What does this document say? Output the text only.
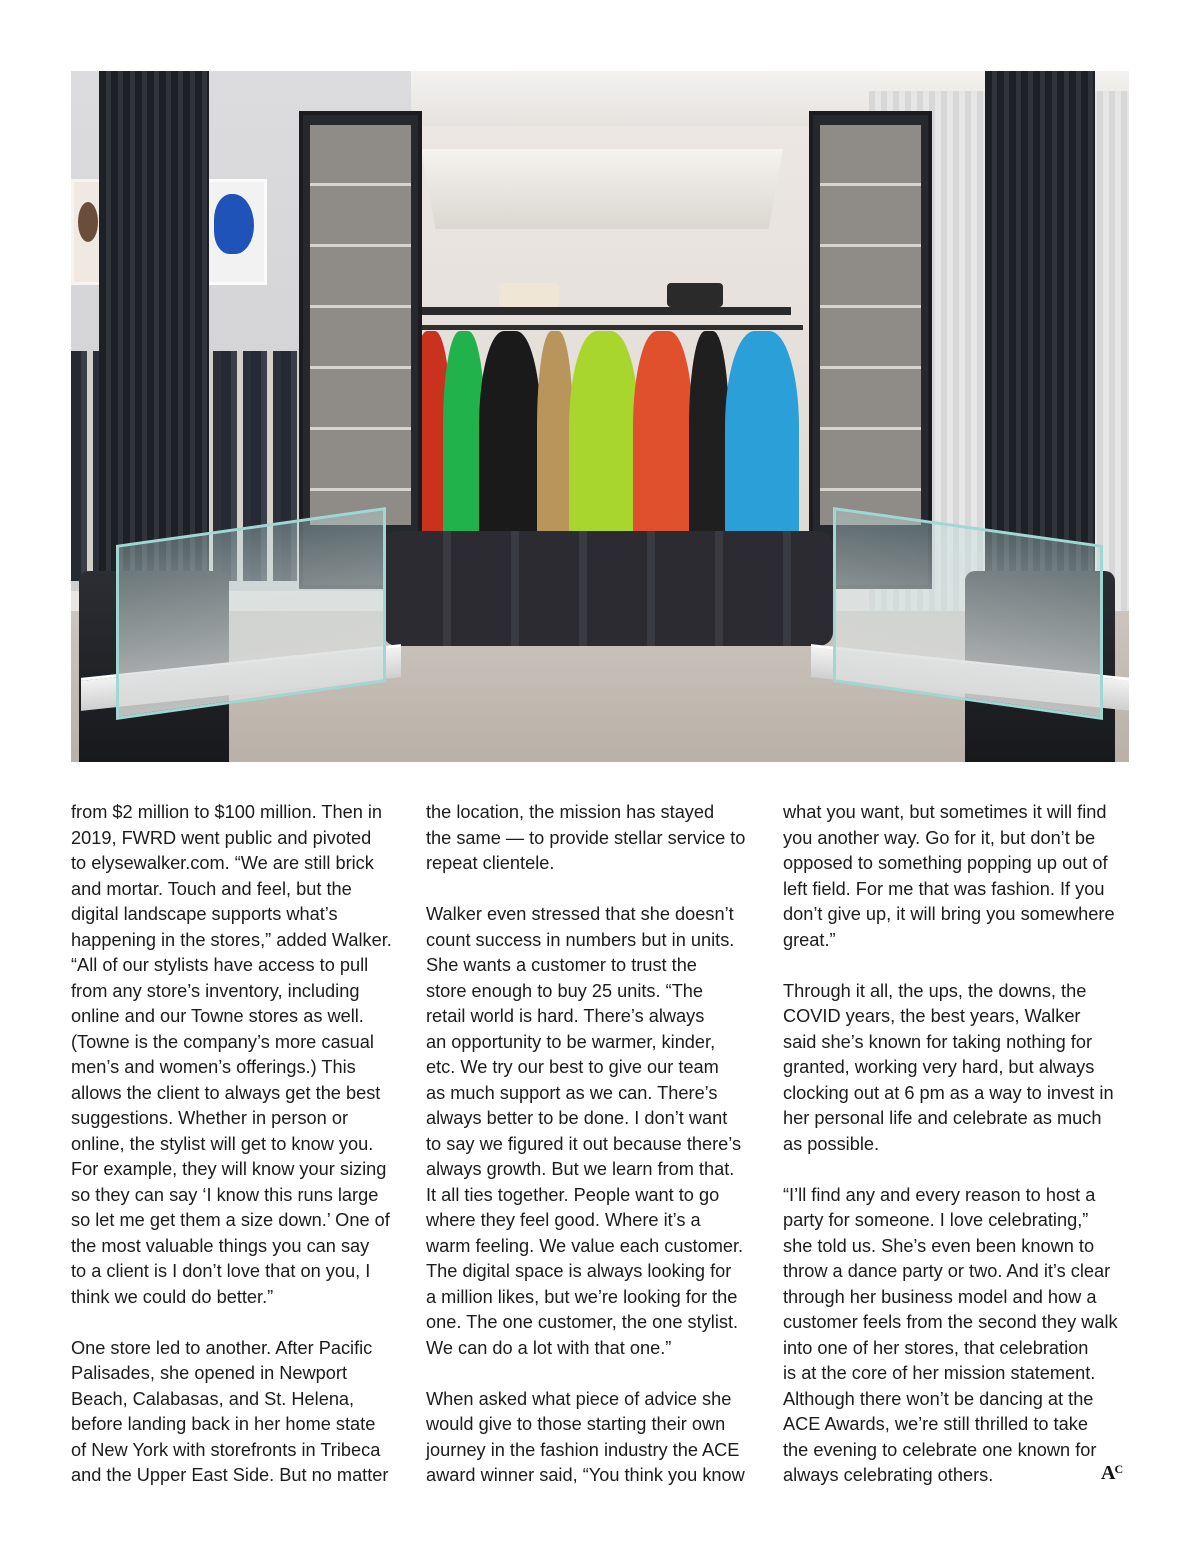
from $2 million to $100 million. Then in
2019, FWRD went public and pivoted
to elysewalker.com. “We are still brick
and mortar. Touch and feel, but the
digital landscape supports what’s
happening in the stores,” added Walker.
“All of our stylists have access to pull
from any store’s inventory, including
online and our Towne stores as well.
(Towne is the company’s more casual
men’s and women’s offerings.) This
allows the client to always get the best
suggestions. Whether in person or
online, the stylist will get to know you.
For example, they will know your sizing
so they can say ‘I know this runs large
so let me get them a size down.’ One of
the most valuable things you can say
to a client is I don’t love that on you, I
think we could do better.”

One store led to another. After Pacific
Palisades, she opened in Newport
Beach, Calabasas, and St. Helena,
before landing back in her home state
of New York with storefronts in Tribeca
and the Upper East Side. But no matter

the location, the mission has stayed
the same — to provide stellar service to
repeat clientele.

Walker even stressed that she doesn’t
count success in numbers but in units.
She wants a customer to trust the
store enough to buy 25 units. “The
retail world is hard. There’s always
an opportunity to be warmer, kinder,
etc. We try our best to give our team
as much support as we can. There’s
always better to be done. I don’t want
to say we figured it out because there’s
always growth. But we learn from that.
It all ties together. People want to go
where they feel good. Where it’s a
warm feeling. We value each customer.
The digital space is always looking for
a million likes, but we’re looking for the
one. The one customer, the one stylist.
We can do a lot with that one.”

When asked what piece of advice she
would give to those starting their own
journey in the fashion industry the ACE
award winner said, “You think you know

what you want, but sometimes it will find
you another way. Go for it, but don’t be
opposed to something popping up out of
left field. For me that was fashion. If you
don’t give up, it will bring you somewhere
great.”

Through it all, the ups, the downs, the
COVID years, the best years, Walker
said she’s known for taking nothing for
granted, working very hard, but always
clocking out at 6 pm as a way to invest in
her personal life and celebrate as much
as possible.

“I’ll find any and every reason to host a
party for someone. I love celebrating,”
she told us. She’s even been known to
throw a dance party or two. And it’s clear
through her business model and how a
customer feels from the second they walk
into one of her stores, that celebration
is at the core of her mission statement.
Although there won’t be dancing at the
ACE Awards, we’re still thrilled to take
the evening to celebrate one known for
always celebrating others.	$A^C$
